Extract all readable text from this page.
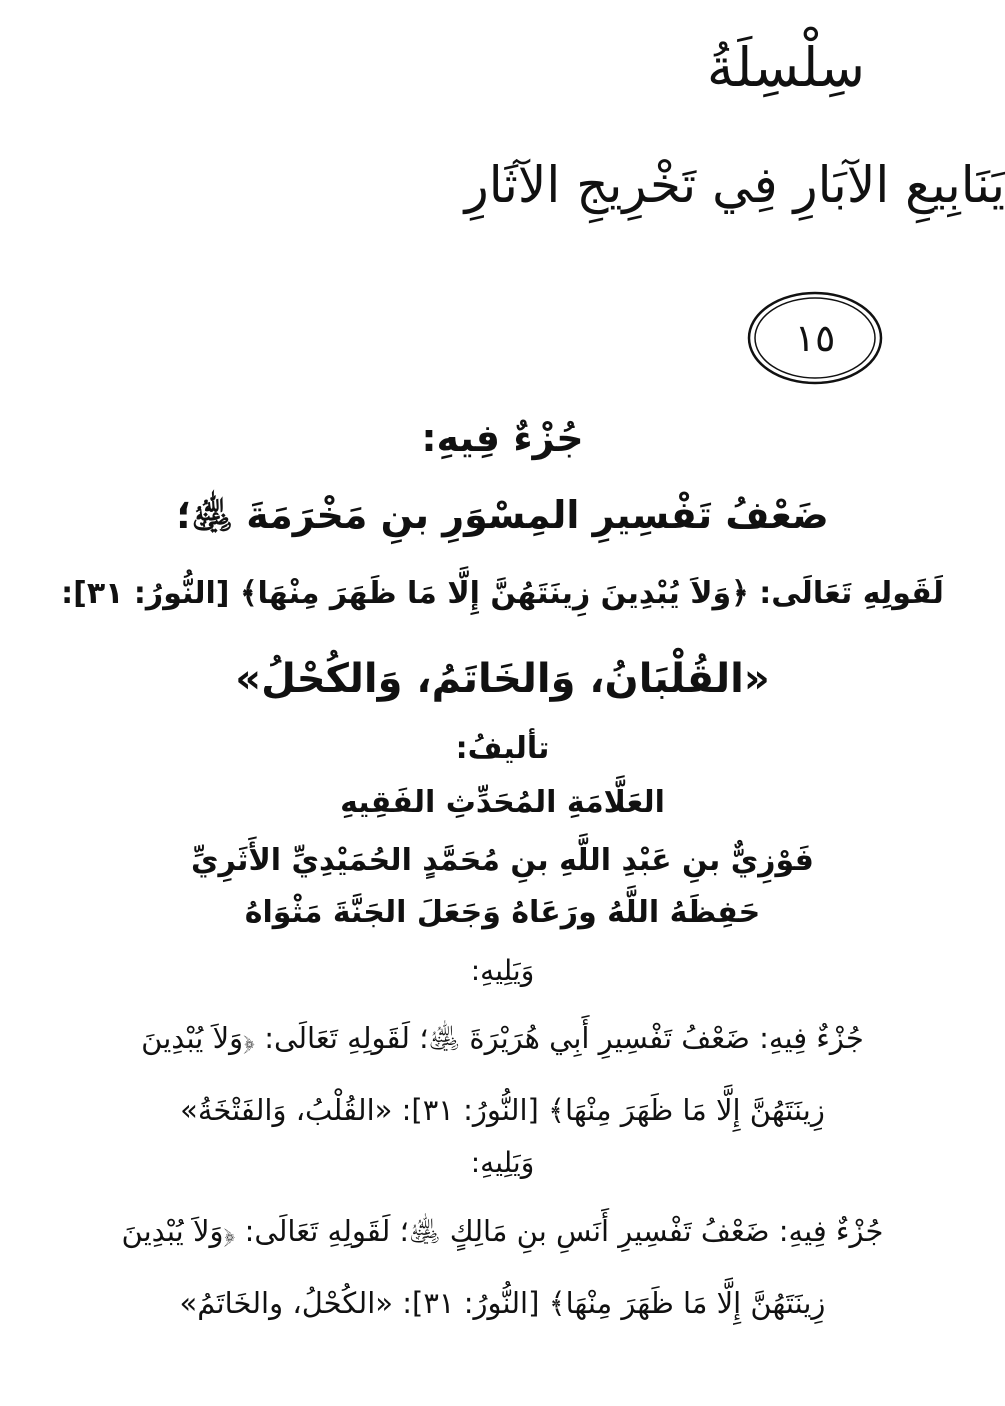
سِلْسِلَةُ
يَنَابِيعِ الآبَارِ فِي تَخْرِيجِ الآثَارِ
١٥
جُزْءٌ فِيهِ:
ضَعْفُ تَفْسِيرِ المِسْوَرِ بنِ مَخْرَمَةَ ﵁؛
لَقَولِهِ تَعَالَى: ﴿وَلاَ يُبْدِينَ زِينَتَهُنَّ إِلَّا مَا ظَهَرَ مِنْهَا﴾ [النُّورُ: ٣١]:
«القُلْبَانُ، وَالخَاتَمُ، وَالكُحْلُ»
تأليفُ:
العَلَّامَةِ المُحَدِّثِ الفَقِيهِ
فَوْزِيٌّ بنِ عَبْدِ اللَّهِ بنِ مُحَمَّدٍ الحُمَيْدِيِّ الأَثَرِيِّ
حَفِظَهُ اللَّهُ ورَعَاهُ وَجَعَلَ الجَنَّةَ مَثْوَاهُ
وَيَلِيهِ:
جُزْءٌ فِيهِ: ضَعْفُ تَفْسِيرِ أَبِي هُرَيْرَةَ ﵁؛ لَقَولِهِ تَعَالَى: ﴿وَلاَ يُبْدِينَ
زِينَتَهُنَّ إِلَّا مَا ظَهَرَ مِنْهَا﴾ [النُّورُ: ٣١]: «القُلْبُ، وَالفَتْخَةُ»
وَيَلِيهِ:
جُزْءٌ فِيهِ: ضَعْفُ تَفْسِيرِ أَنَسِ بنِ مَالِكٍ ﵁؛ لَقَولِهِ تَعَالَى: ﴿وَلاَ يُبْدِينَ
زِينَتَهُنَّ إِلَّا مَا ظَهَرَ مِنْهَا﴾ [النُّورُ: ٣١]: «الكُحْلُ، والخَاتَمُ»
